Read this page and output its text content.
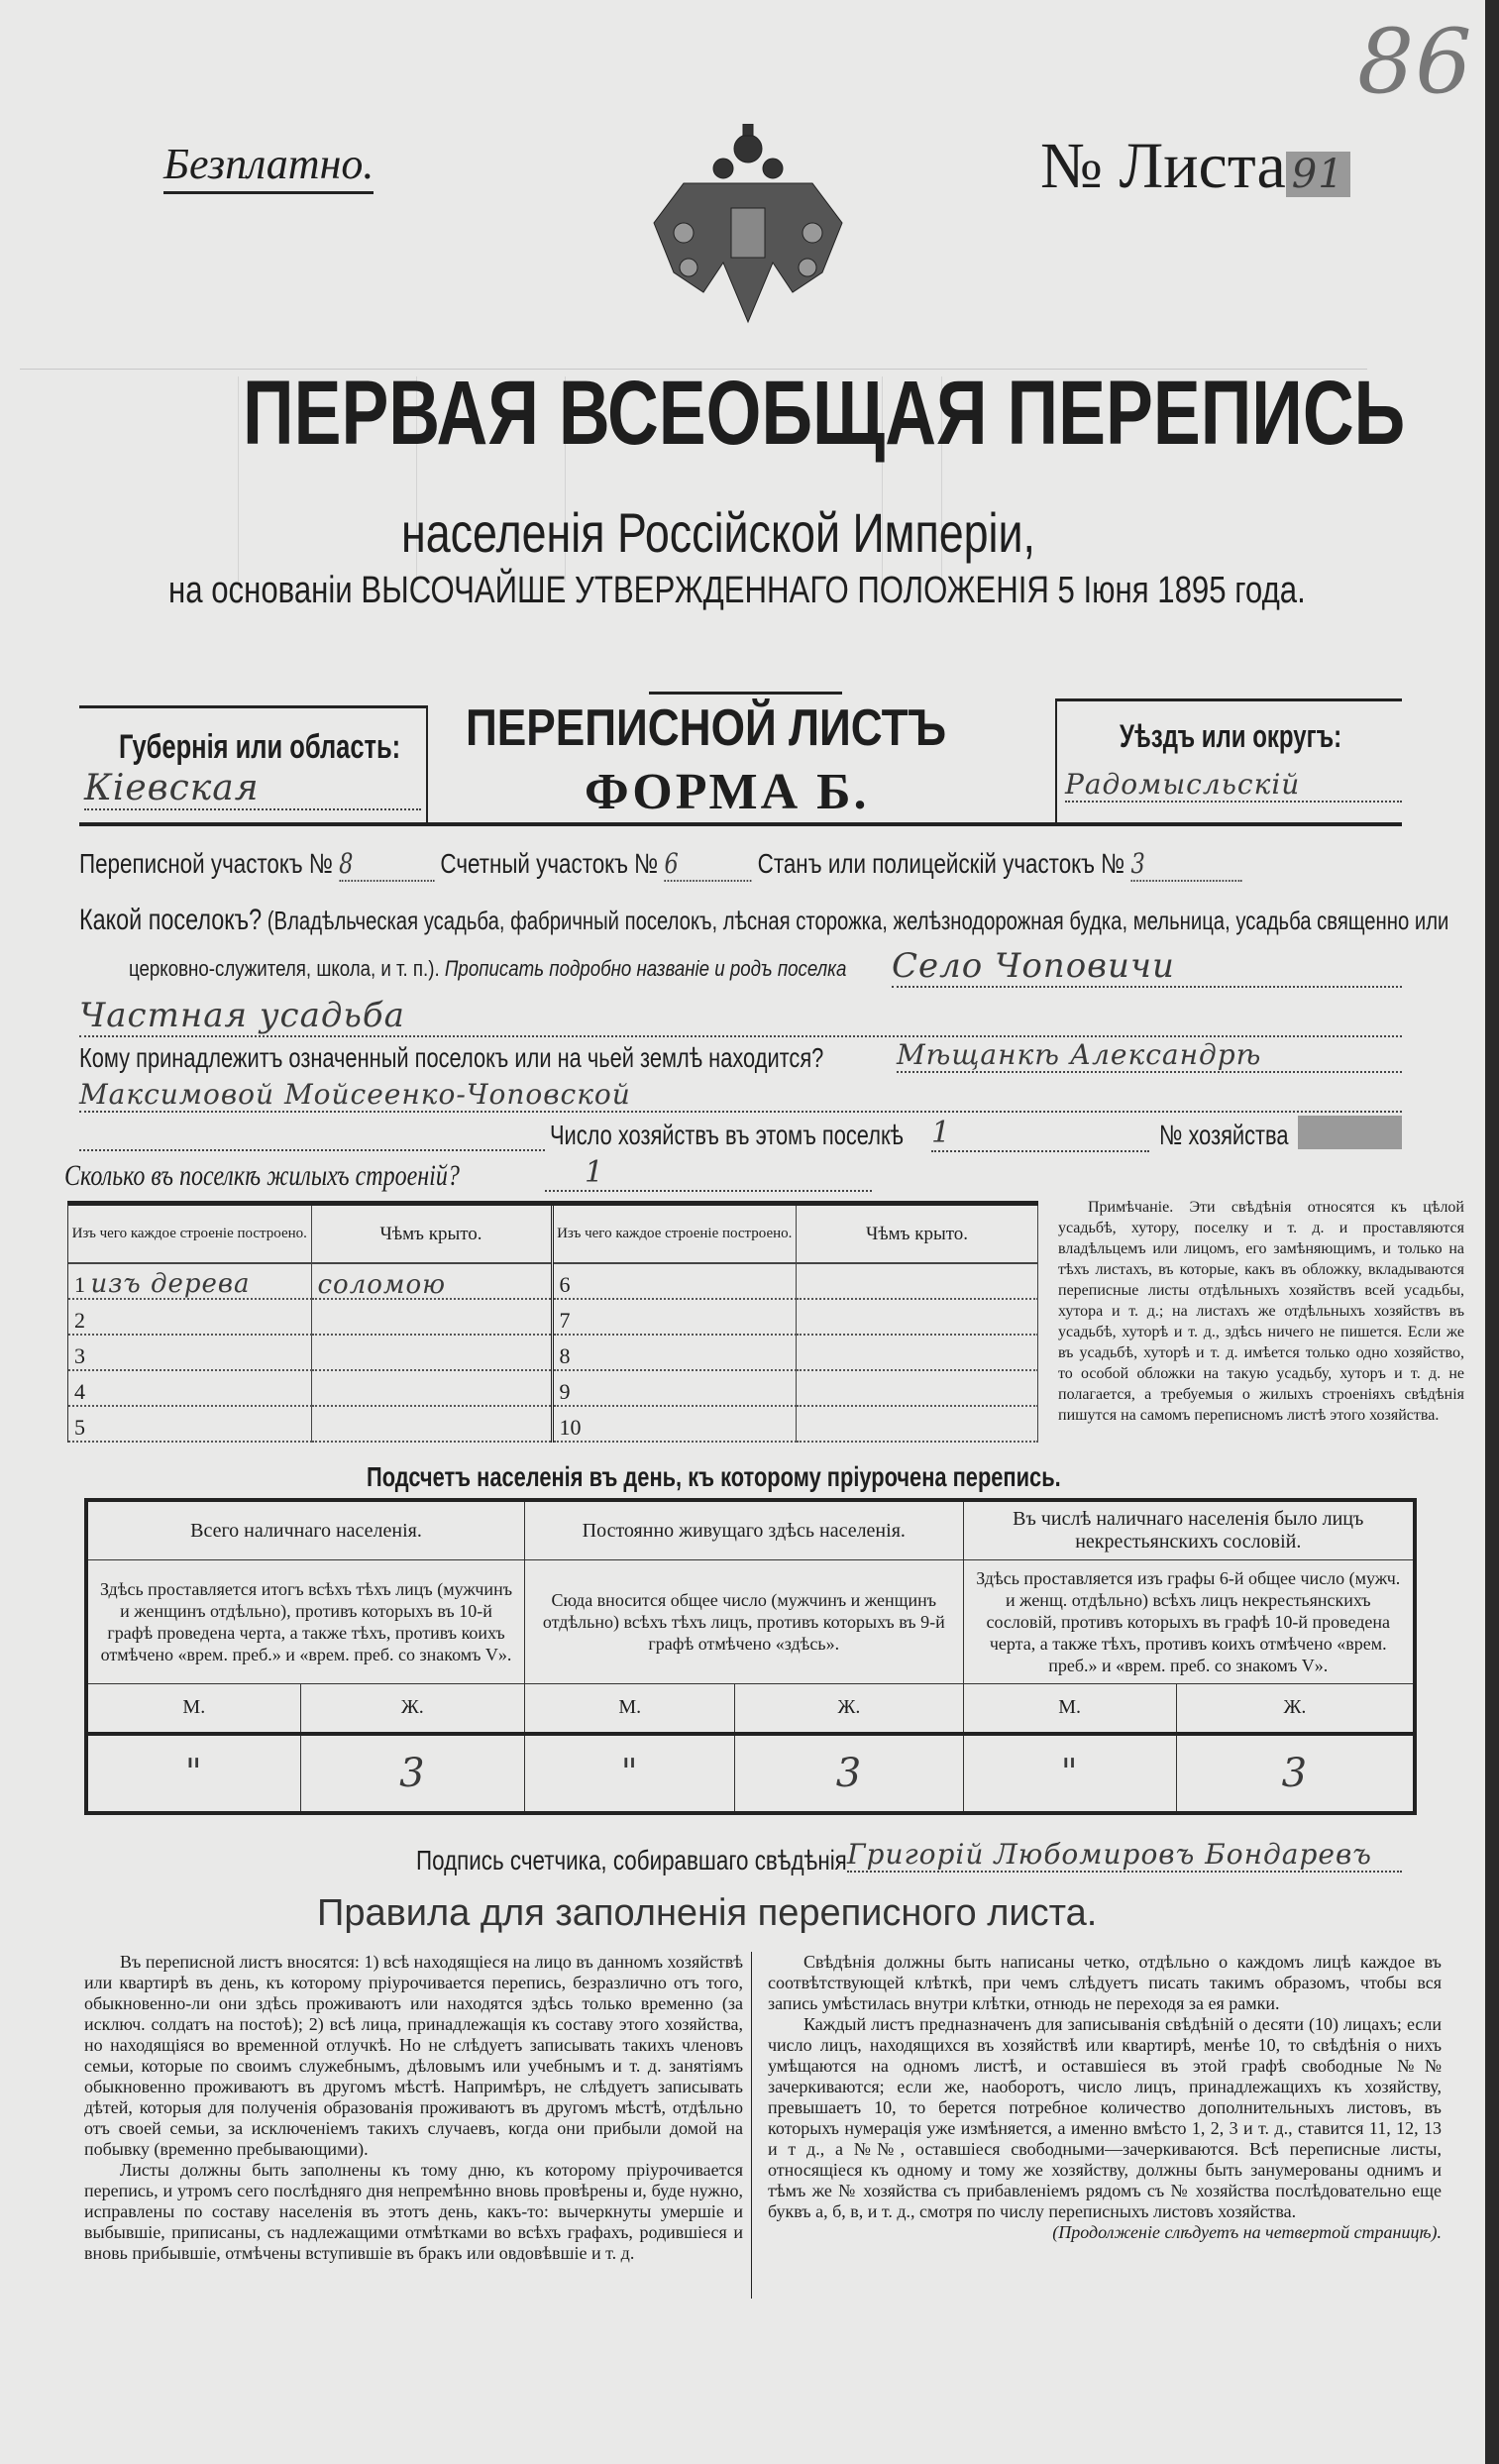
86
Безплатно.	№ Листа 91
ПЕРВАЯ ВСЕОБЩАЯ ПЕРЕПИСЬ
населенія Россійской Имперіи,
на основаніи ВЫСОЧАЙШЕ УТВЕРЖДЕННАГО ПОЛОЖЕНІЯ 5 Іюня 1895 года.
Губернія или область:
Кіевская
ПЕРЕПИСНОЙ ЛИСТЪ
ФОРМА Б.
Уѣздъ или округъ:
Радомысльскій
Переписной участокъ № 8	Счетный участокъ № 6	Станъ или полицейскій участокъ № 3
Какой поселокъ? (Владѣльческая усадьба, фабричный поселокъ, лѣсная сторожка, желѣзнодорожная будка, мельница, усадьба священно или
церковно-служителя, школа, и т. п.). Прописать подробно названіе и родъ поселка Село Чоповичи
Частная усадьба
Кому принадлежитъ означенный поселокъ или на чьей землѣ находится?	Мѣщанкѣ Александрѣ
Максимовой Мойсеенко-Чоповской
Число хозяйствъ въ этомъ поселкѣ 1	№ хозяйства
Сколько въ поселкѣ жилыхъ строеній?	1
Изъ чего каждое строеніе построено.	Чѣмъ крыто.
1 изъ дерева	соломою
2	
3	
4	
5	
Изъ чего каждое строеніе построено.	Чѣмъ крыто.
6	
7	
8	
9	
10	
Примѣчаніе. Эти свѣдѣнія относятся къ цѣлой усадьбѣ, хутору, поселку и т. д. и проставляются владѣльцемъ или лицомъ, его замѣняющимъ, и только на тѣхъ листахъ, въ которые, какъ въ обложку, вкладываются переписные листы отдѣльныхъ хозяйствъ всей усадьбы, хутора и т. д.; на листахъ же отдѣльныхъ хозяйствъ въ усадьбѣ, хуторѣ и т. д., здѣсь ничего не пишется. Если же въ усадьбѣ, хуторѣ и т. д. имѣется только одно хозяйство, то особой обложки на такую усадьбу, хуторъ и т. д. не полагается, а требуемыя о жилыхъ строеніяхъ свѣдѣнія пишутся на самомъ переписномъ листѣ этого хозяйства.
Подсчетъ населенія въ день, къ которому пріурочена перепись.
Всего наличнаго населенія.		Постоянно живущаго здѣсь населенія.		Въ числѣ наличнаго населенія было лицъ некрестьянскихъ сословій.	
Здѣсь проставляется итогъ всѣхъ тѣхъ лицъ (мужчинъ и женщинъ отдѣльно), противъ которыхъ въ 10-й графѣ проведена черта, а также тѣхъ, противъ коихъ отмѣчено «врем. преб.» и «врем. преб. со знакомъ V».		Сюда вносится общее число (мужчинъ и женщинъ отдѣльно) всѣхъ тѣхъ лицъ, противъ которыхъ въ 9-й графѣ отмѣчено «здѣсь».		Здѣсь проставляется изъ графы 6-й общее число (мужч. и женщ. отдѣльно) всѣхъ лицъ некрестьянскихъ сословій, противъ которыхъ въ графѣ 10-й проведена черта, а также тѣхъ, противъ коихъ отмѣчено «врем. преб.» и «врем. преб. со знакомъ V».	
М.	Ж.	М.	Ж.	М.	Ж.
"	3	"	3	"	3
Подпись счетчика, собиравшаго свѣдѣнія Григорій Любомировъ Бондаревъ
Правила для заполненія переписного листа.

Въ переписной листъ вносятся: 1) всѣ находящіеся на лицо въ данномъ хозяйствѣ или квартирѣ въ день, къ которому пріурочивается перепись, безразлично отъ того, обыкновенно-ли они здѣсь проживаютъ или находятся здѣсь только временно (за исключ. солдатъ на постоѣ); 2) всѣ лица, принадлежащія къ составу этого хозяйства, но находящіяся во временной отлучкѣ. Но не слѣдуетъ записывать такихъ членовъ семьи, которые по своимъ служебнымъ, дѣловымъ или учебнымъ и т. д. занятіямъ обыкновенно проживаютъ въ другомъ мѣстѣ. Напримѣръ, не слѣдуетъ записывать дѣтей, которыя для полученія образованія проживаютъ въ другомъ мѣстѣ, отдѣльно отъ своей семьи, за исключеніемъ такихъ случаевъ, когда они прибыли домой на побывку (временно пребывающими).

Листы должны быть заполнены къ тому дню, къ которому пріурочивается перепись, и утромъ сего послѣдняго дня непремѣнно вновь провѣрены и, буде нужно, исправлены по составу населенія въ этотъ день, какъ-то: вычеркнуты умершіе и выбывшіе, приписаны, съ надлежащими отмѣтками во всѣхъ графахъ, родившіеся и вновь прибывшіе, отмѣчены вступившіе въ бракъ или овдовѣвшіе и т. д.

Свѣдѣнія должны быть написаны четко, отдѣльно о каждомъ лицѣ каждое въ соотвѣтствующей клѣткѣ, при чемъ слѣдуетъ писать такимъ образомъ, чтобы вся запись умѣстилась внутри клѣтки, отнюдь не переходя за ея рамки.

Каждый листъ предназначенъ для записыванія свѣдѣній о десяти (10) лицахъ; если число лицъ, находящихся въ хозяйствѣ или квартирѣ, менѣе 10, то свѣдѣнія о нихъ умѣщаются на одномъ листѣ, и оставшіеся въ этой графѣ свободные №№ зачеркиваются; если же, наоборотъ, число лицъ, принадлежащихъ къ хозяйству, превышаетъ 10, то берется потребное количество дополнительныхъ листовъ, въ которыхъ нумерація уже измѣняется, а именно вмѣсто 1, 2, 3 и т. д., ставится 11, 12, 13 и т д., а №№, оставшіеся свободными—зачеркиваются. Всѣ переписные листы, относящіеся къ одному и тому же хозяйству, должны быть занумерованы однимъ и тѣмъ же № хозяйства съ прибавленіемъ рядомъ съ № хозяйства послѣдовательно еще буквъ а, б, в, и т. д., смотря по числу переписныхъ листовъ хозяйства.

(Продолженіе слѣдуетъ на четвертой страницѣ).
